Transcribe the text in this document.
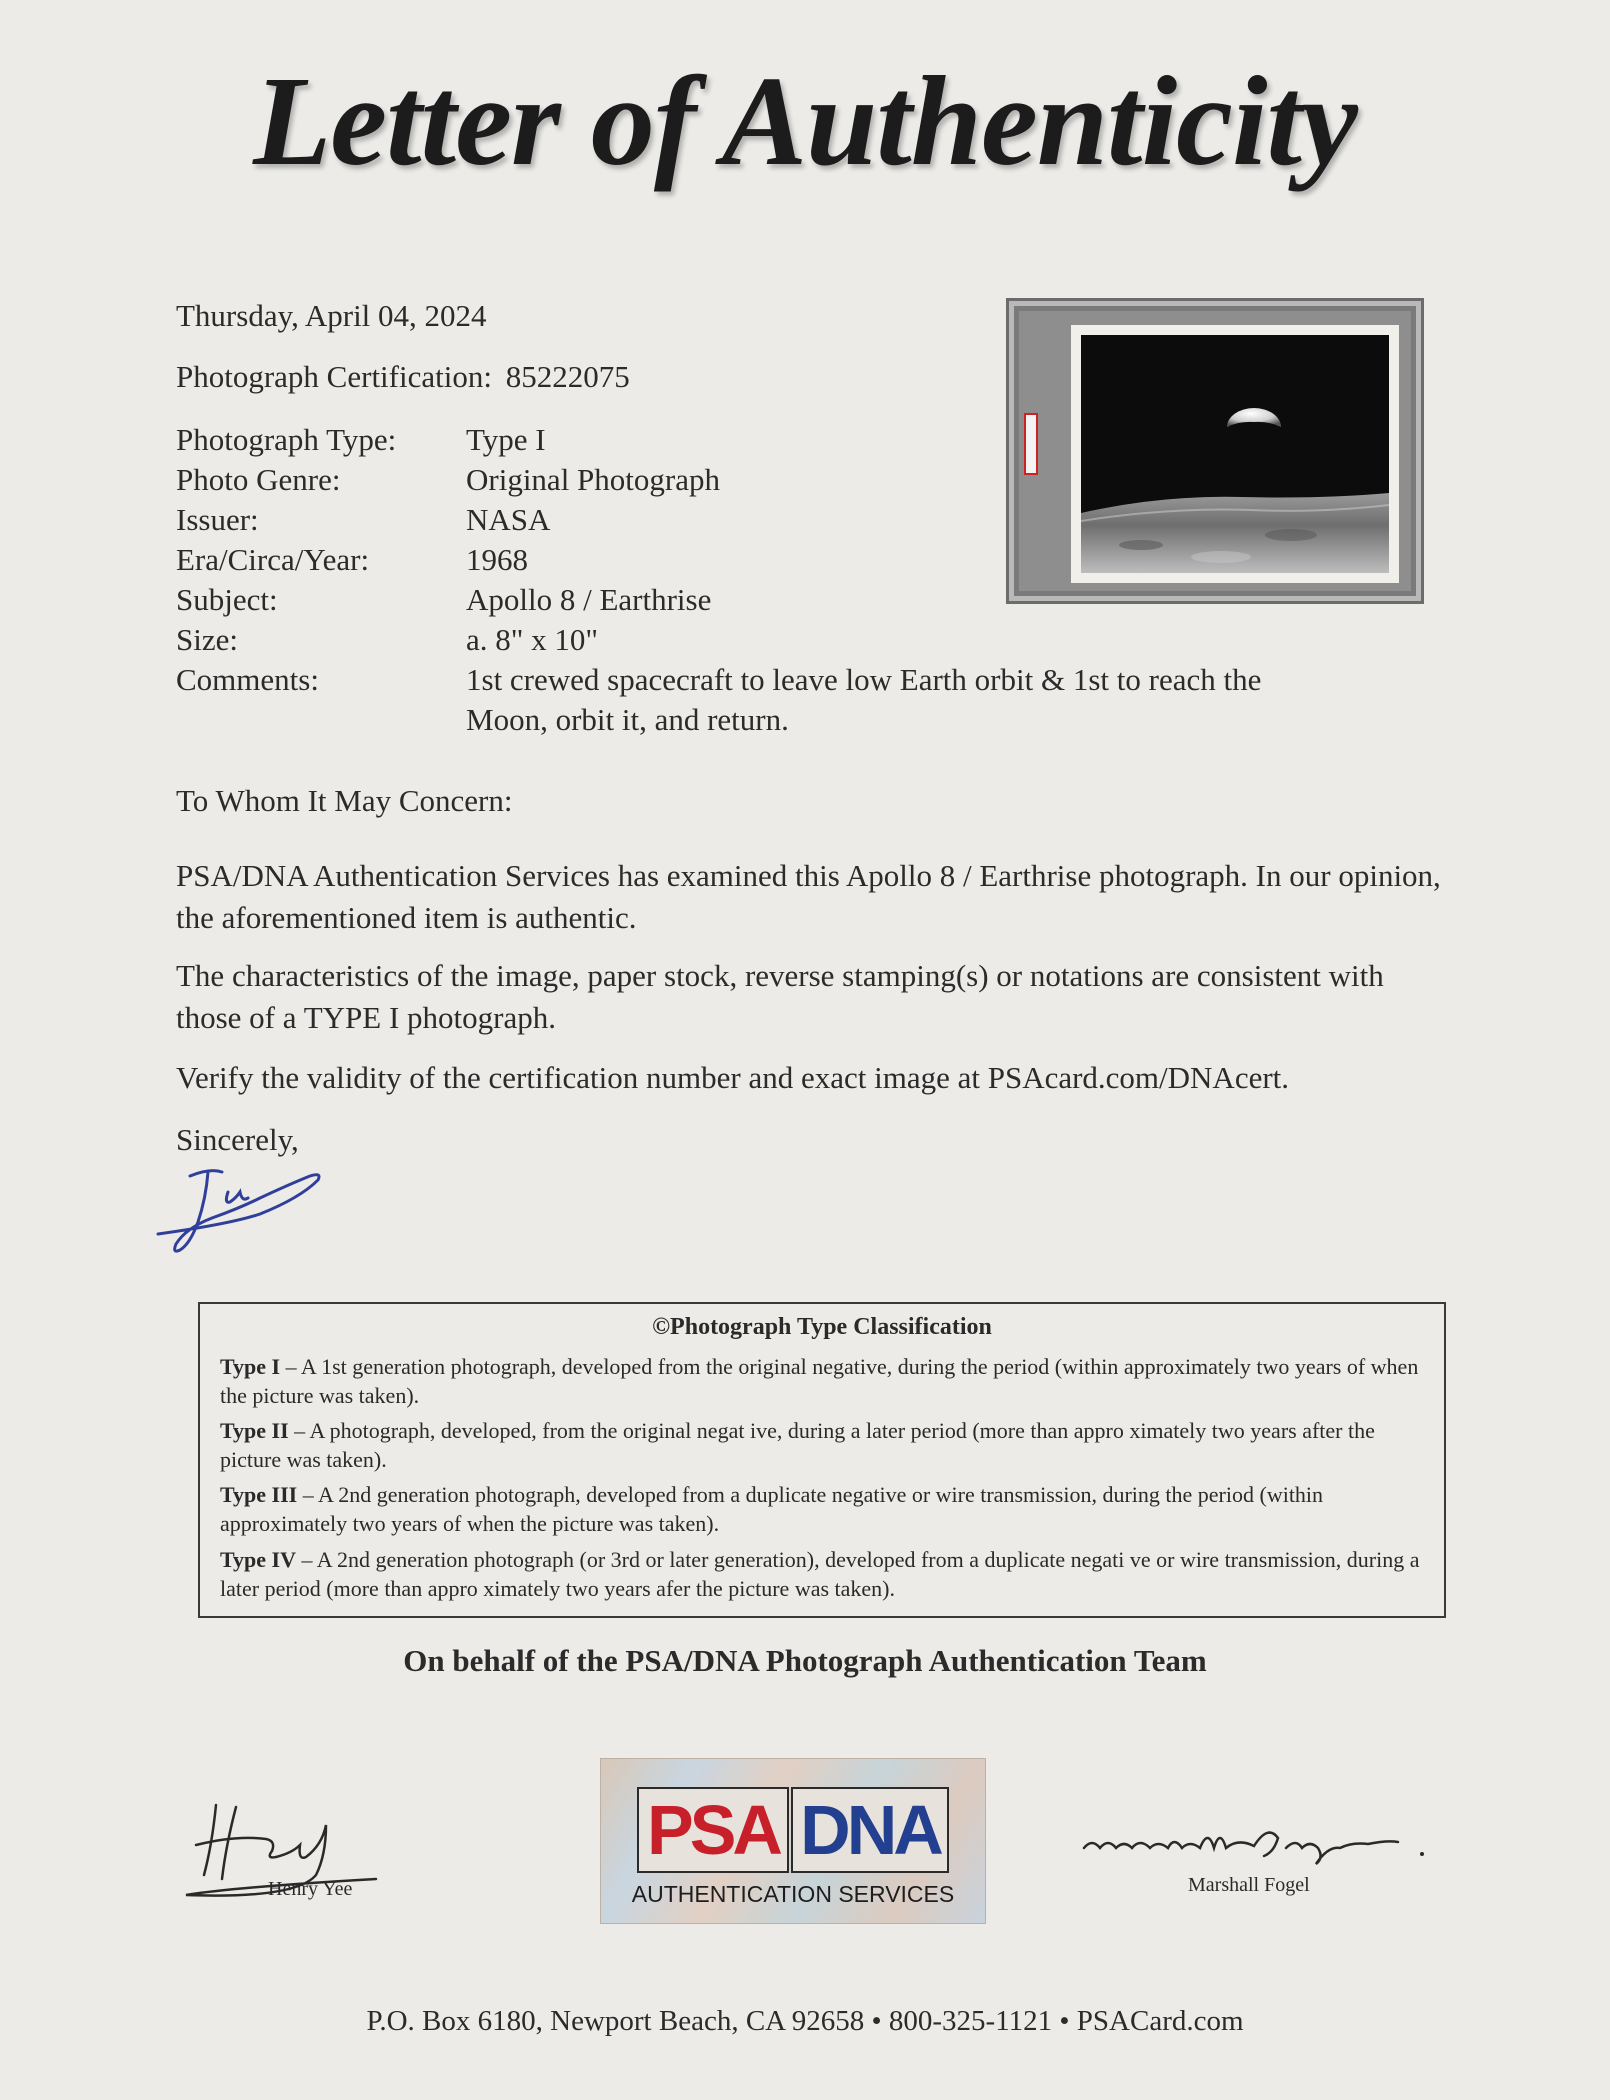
Letter of Authenticity
Thursday, April 04, 2024
Photograph Certification: 85222075
Photograph Type:	Type I
Photo Genre:	Original Photograph
Issuer:	NASA
Era/Circa/Year:	1968
Subject:	Apollo 8 / Earthrise
Size:	a. 8" x 10"
Comments:	1st crewed spacecraft to leave low Earth orbit & 1st to reach the Moon, orbit it, and return.
To Whom It May Concern:
PSA/DNA Authentication Services has examined this Apollo 8 / Earthrise photograph. In our opinion, the aforementioned item is authentic.
The characteristics of the image, paper stock, reverse stamping(s) or notations are consistent with those of a TYPE I photograph.
Verify the validity of the certification number and exact image at PSAcard.com/DNAcert.
Sincerely,
©Photograph Type Classification
Type I – A 1st generation photograph, developed from the original negative, during the period (within approximately two years of when the picture was taken).
Type II – A photograph, developed, from the original negat ive, during a later period (more than appro ximately two years after the picture was taken).
Type III – A 2nd generation photograph, developed from a duplicate negative or wire transmission, during the period (within approximately two years of when the picture was taken).
Type IV – A 2nd generation photograph (or 3rd or later generation), developed from a duplicate negati ve or wire transmission, during a later period (more than appro ximately two years afer the picture was taken).
On behalf of the PSA/DNA Photograph Authentication Team
Henry Yee
PSA DNA
AUTHENTICATION SERVICES	Marshall Fogel
P.O. Box 6180, Newport Beach, CA 92658 • 800-325-1121 • PSACard.com
